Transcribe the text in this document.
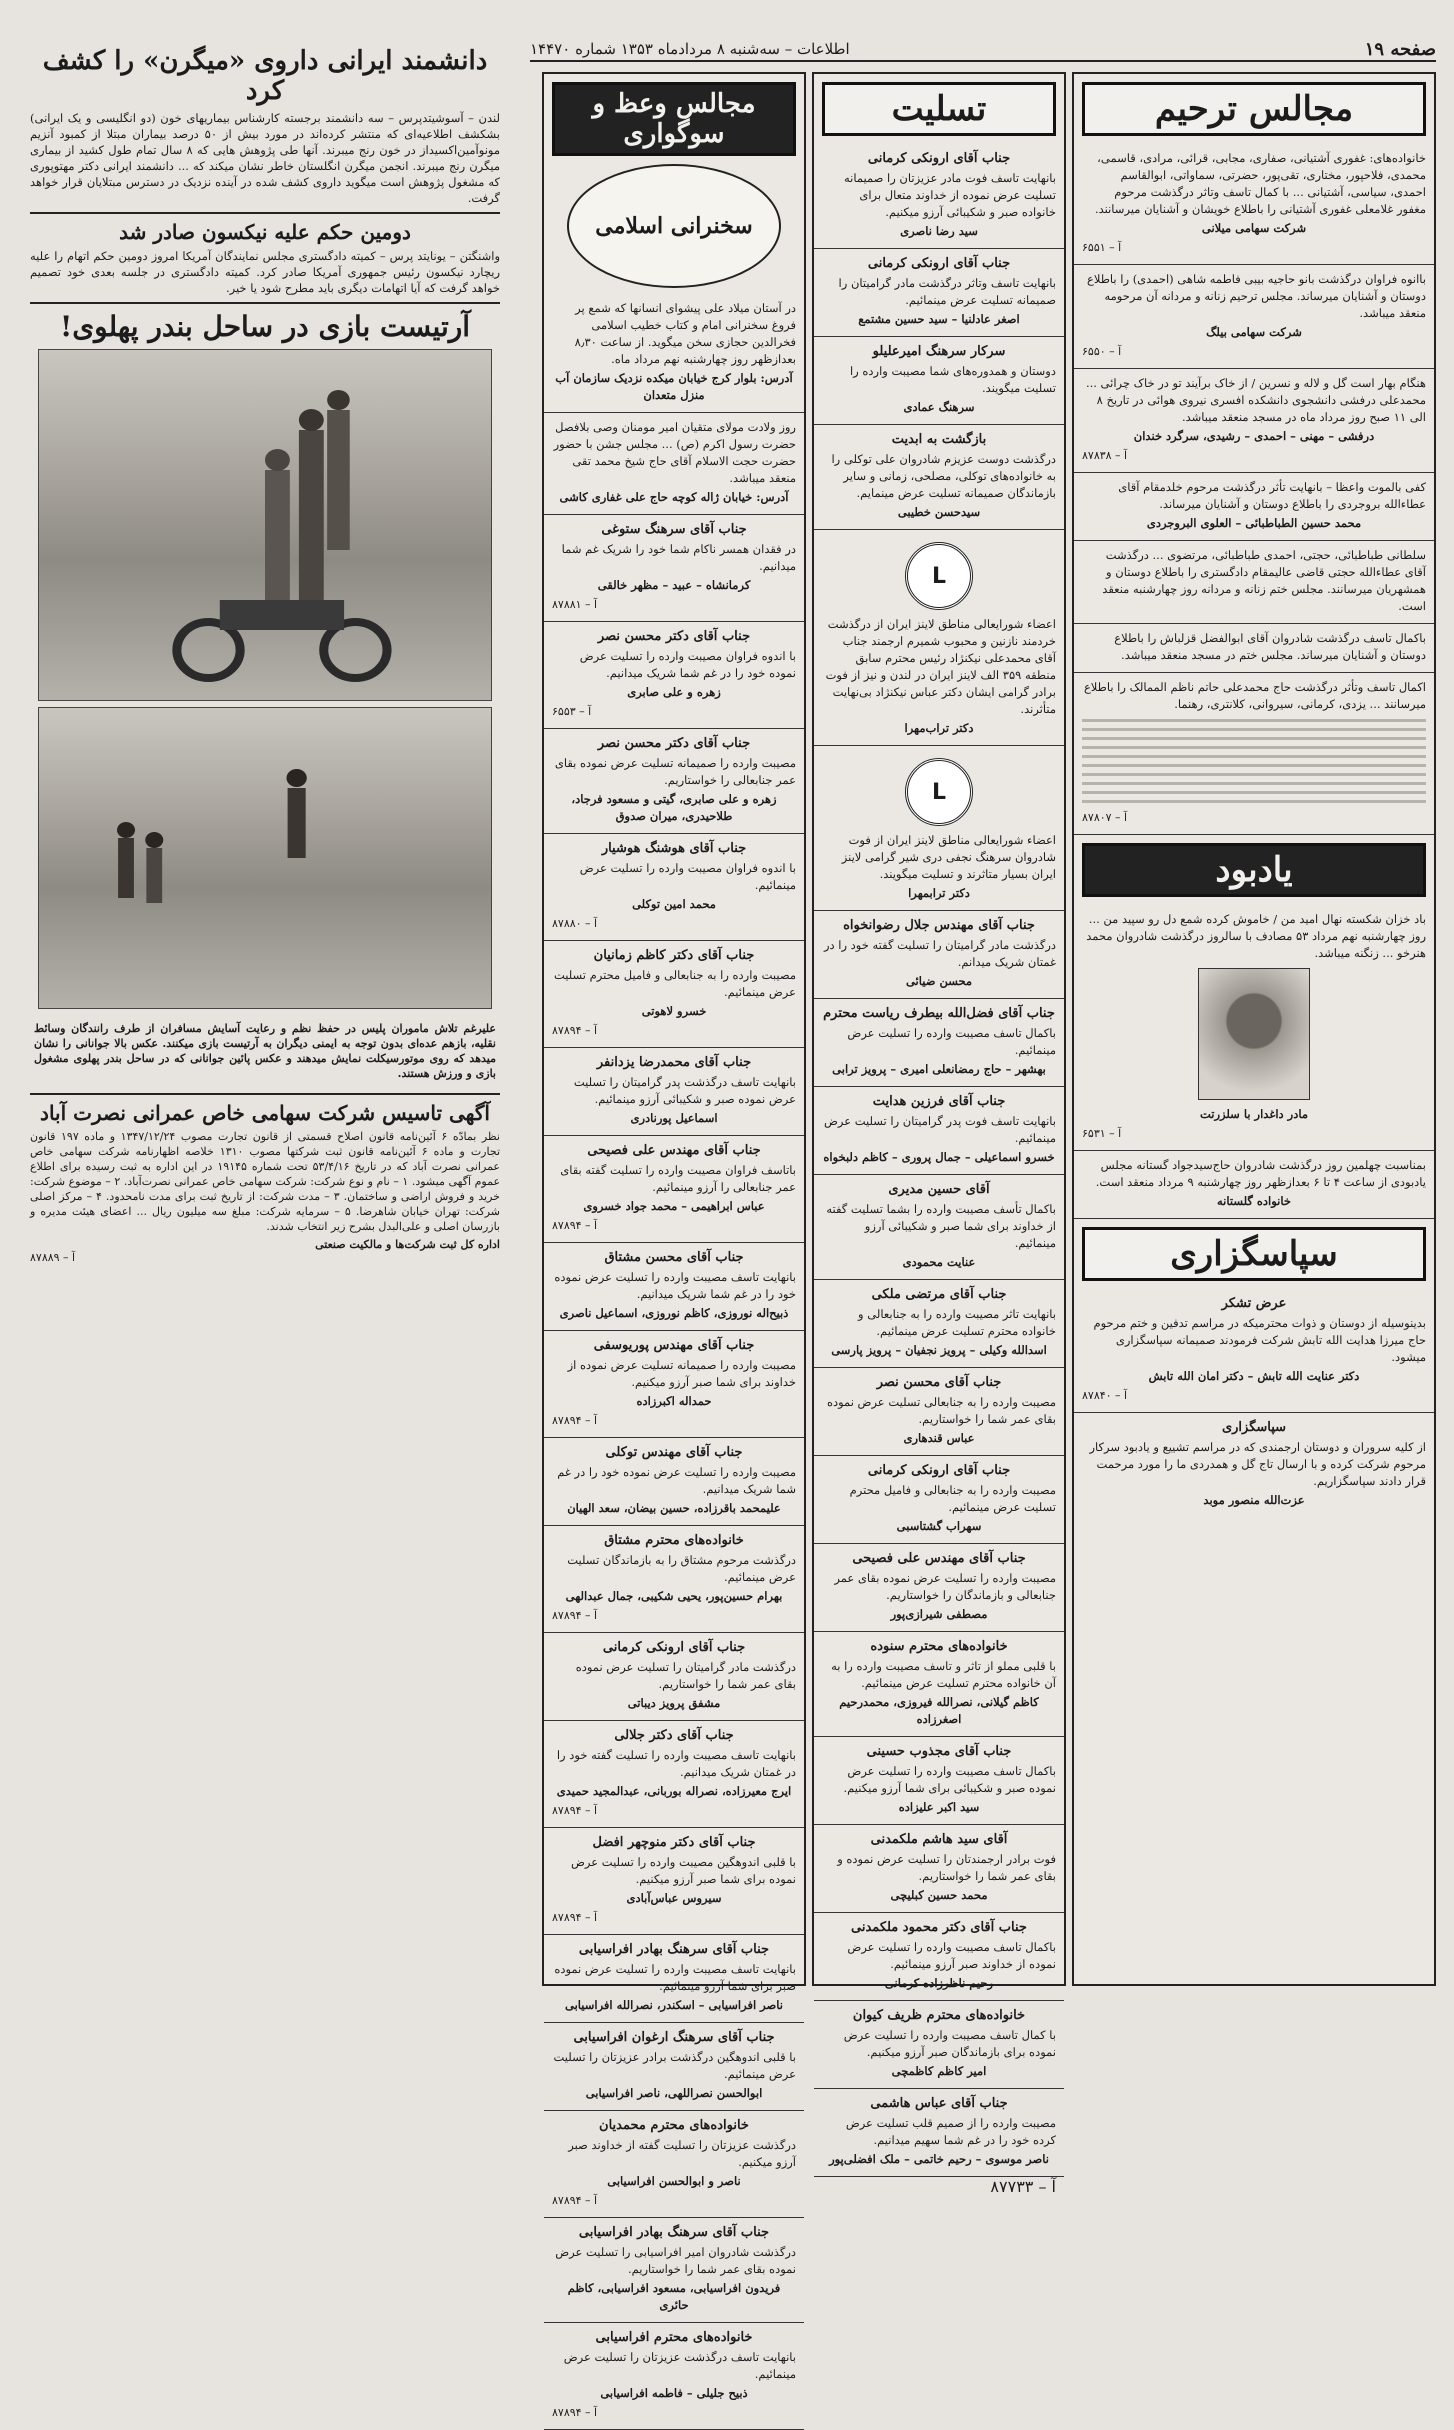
صفحه ۱۹
اطلاعات – سه‌شنبه ۸ مرداد‌ماه ۱۳۵۳ شماره ۱۴۴۷۰
مجالس ترحیم
خانواده‌های: غفوری آشتیانی، صفاری، مجابی، قرائی، مرادی، قاسمی، محمدی، فلاحپور، مختاری، تقی‌پور، حضرتی، سماواتی، ابوالقاسم احمدی، سیاسی، آشتیانی ... با کمال تاسف وتاثر درگذشت مرحوم مغفور غلامعلی غفوری آشتیانی را باطلاع خویشان و آشنایان میرسانند.
شرکت سهامی میلانی
آ – ۶۵۵۱
باانوه فراوان درگذشت بانو حاجیه بیبی فاطمه شاهی (احمدی) را باطلاع دوستان و آشنایان میرساند. مجلس ترحیم زنانه و مردانه آن مرحومه منعقد میباشد.
شرکت سهامی بیلگ
آ – ۶۵۵۰
هنگام بهار است گل و لاله و نسرین / از خاک برآیند تو در خاک چرائی ... محمدعلی درفشی دانشجوی دانشکده افسری نیروی هوائی در تاریخ ۸ الی ۱۱ صبح روز مرداد ماه در مسجد منعقد میباشد.
درفشی – مهنی – احمدی – رشیدی، سرگرد خندان
آ – ۸۷۸۳۸
کفی بالموت واعظا – بانهایت تأثر درگذشت مرحوم خلدمقام آقای عطاءالله بروجردی را باطلاع دوستان و آشنایان میرساند.
محمد حسین الطباطبائی – العلوی البروجردی
سلطانی طباطبائی، حجتی، احمدی طباطبائی، مرتضوی ... درگذشت آقای عطاءالله حجتی قاضی عالیمقام دادگستری را باطلاع دوستان و همشهریان میرسانند. مجلس ختم زنانه و مردانه روز چهارشنبه منعقد است.
باکمال تاسف درگذشت شادروان آقای ابوالفضل قزلباش را باطلاع دوستان و آشنایان میرساند. مجلس ختم در مسجد منعقد میباشد.
اکمال تاسف وتأثر درگذشت حاج محمدعلی حاتم ناظم الممالک را باطلاع میرسانند ... یزدی، کرمانی، سیروانی، کلانتری، رهنما.
آ – ۸۷۸۰۷
یادبود
باد خزان شکسته نهال امید من / خاموش کرده شمع دل رو سپید من ... روز چهارشنبه نهم مرداد ۵۳ مصادف با سالروز درگذشت شادروان محمد هنرخو ... زنگنه میباشد.
مادر داغدار با سلزرتت
آ – ۶۵۳۱
بمناسبت چهلمین روز درگذشت شادروان حاج‌سیدجواد گستانه مجلس یادبودی از ساعت ۴ تا ۶ بعدازظهر روز چهارشنبه ۹ مرداد منعقد است.
خانواده گلستانه
سپاسگزاری
عرض تشکر
بدینوسیله از دوستان و ذوات محترمیکه در مراسم تدفین و ختم مرحوم حاج میرزا هدایت الله تابش شرکت فرمودند صمیمانه سپاسگزاری میشود.
دکتر عنایت الله تابش – دکتر امان الله تابش
آ – ۸۷۸۴۰
سپاسگزاری
از کلیه سروران و دوستان ارجمندی که در مراسم تشییع و یادبود سرکار مرحوم شرکت کرده و با ارسال تاج گل و همدردی ما را مورد مرحمت قرار دادند سپاسگزاریم.
عزت‌الله منصور موبد
تسلیت
جناب آقای ارونکی کرمانی
بانهایت تاسف فوت مادر عزیزتان را صمیمانه تسلیت عرض نموده از خداوند متعال برای خانواده صبر و شکیبائی آرزو میکنیم.
سید رضا ناصری
جناب آقای ارونکی کرمانی
بانهایت تاسف وتاثر درگذشت مادر گرامیتان را صمیمانه تسلیت عرض مینمائیم.
اصغر عادلنیا – سید حسین مشتمع
سرکار سرهنگ امیرعلیلو
دوستان و همدوره‌های شما مصیبت وارده را تسلیت میگویند.
سرهنگ عمادی
بازگشت به ابدیت
درگذشت دوست عزیزم شادروان علی توکلی را به خانواده‌های توکلی، مصلحی، زمانی و سایر بازماندگان صمیمانه تسلیت عرض مینمایم.
سیدحسن خطیبی
L
اعضاء شورایعالی مناطق لاینز ایران از درگذشت خردمند نازنین و محبوب شمیرم ارجمند جناب آقای محمدعلی نیکنژاد رئیس محترم سابق منطقه ۳۵۹ الف لاینز ایران در لندن و نیز از فوت برادر گرامی ایشان دکتر عباس نیکنژاد بی‌نهایت متأثرند.
دکتر تراب‌مهرا
L
اعضاء شورایعالی مناطق لاینز ایران از فوت شادروان سرهنگ نجفی دری شیر گرامی لاینز ایران بسیار متاثرند و تسلیت میگویند.
دکتر ترابمهرا
جناب آقای مهندس جلال رضوانخواه
درگذشت مادر گرامیتان را تسلیت گفته خود را در غمتان شریک میدانم.
محسن ضیائی
جناب آقای فضل‌الله بیطرف ریاست محترم
باکمال تاسف مصیبت وارده را تسلیت عرض مینمائیم.
بهشهر – حاج رمضانعلی امیری – پرویز ترابی
جناب آقای فرزین هدایت
بانهایت تاسف فوت پدر گرامیتان را تسلیت عرض مینمائیم.
خسرو اسماعیلی – جمال پروری – کاظم دلبخواه
آقای حسین مدیری
باکمال تأسف مصیبت وارده را بشما تسلیت گفته از خداوند برای شما صبر و شکیبائی آرزو مینمائیم.
عنایت محمودی
جناب آقای مرتضی ملکی
بانهایت تاثر مصیبت وارده را به جنابعالی و خانواده محترم تسلیت عرض مینمائیم.
اسدالله وکیلی – پرویز نجفیان – پرویز پارسی
جناب آقای محسن نصر
مصیبت وارده را به جنابعالی تسلیت عرض نموده بقای عمر شما را خواستاریم.
عباس قندهاری
جناب آقای ارونکی کرمانی
مصیبت وارده را به جنابعالی و فامیل محترم تسلیت عرض مینمائیم.
سهراب گشتاسبی
جناب آقای مهندس علی فصیحی
مصیبت وارده را تسلیت عرض نموده بقای عمر جنابعالی و بازماندگان را خواستاریم.
مصطفی شیرازی‌پور
خانواده‌های محترم سنوده
با قلبی مملو از تاثر و تاسف مصیبت وارده را به آن خانواده محترم تسلیت عرض مینمائیم.
کاظم گیلانی، نصرالله فیروزی، محمدرحیم اصغرزاده
جناب آقای مجذوب حسینی
باکمال تاسف مصیبت وارده را تسلیت عرض نموده صبر و شکیبائی برای شما آرزو میکنیم.
سید اکبر علیزاده
آقای سید هاشم ملکمدنی
فوت برادر ارجمندتان را تسلیت عرض نموده و بقای عمر شما را خواستاریم.
محمد حسین کبلیچی
جناب آقای دکتر محمود ملکمدنی
باکمال تاسف مصیبت وارده را تسلیت عرض نموده از خداوند صبر آرزو مینمائیم.
رحیم ناظرزاده کرمانی
خانواده‌های محترم ظریف کیو‌ان
با کمال تاسف مصیبت وارده را تسلیت عرض نموده برای بازماندگان صبر آرزو میکنیم.
امیر کاظم کاظمچی
جناب آقای عباس هاشمی
مصیبت وارده را از صمیم قلب تسلیت عرض کرده خود را در غم شما سهیم میدانیم.
ناصر موسوی – رحیم خاتمی – ملک افضلی‌پور
آ – ۸۷۷۳۳
مجالس وعظ و سوگواری
سخنرانی اسلامی
در آستان میلاد علی پیشوای انسانها که شمع پر فروغ سخنرانی امام و کتاب خطیب اسلامی فخرالدین حجازی سخن میگوید. از ساعت ۸٫۳۰ بعدازظهر روز چهارشنبه نهم مرداد ماه.
آدرس: بلوار کرج خیابان میکده نزدیک سازمان آب منزل متعدان
روز ولادت مولای متقیان امیر مومنان وصی بلافصل حضرت رسول اکرم (ص) ... مجلس جشن با حضور حضرت حجت الاسلام آقای حاج شیخ محمد تقی منعقد میباشد.
آدرس: خیابان ژاله کوچه حاج علی غفاری کاشی
جناب آقای سرهنگ ستوغی
در فقدان همسر ناکام شما خود را شریک غم شما میدانیم.
کرمانشاه – عبید – مظهر خالقی
آ – ۸۷۸۸۱
جناب آقای دکتر محسن نصر
با اندوه فراوان مصیبت وارده را تسلیت عرض نموده خود را در غم شما شریک میدانیم.
زهره و علی صابری
آ – ۶۵۵۳
جناب آقای دکتر محسن نصر
مصیبت وارده را صمیمانه تسلیت عرض نموده بقای عمر جنابعالی را خواستاریم.
زهره و علی صابری، گیتی و مسعود فرجاد، طلاحیدری، میران صدوق
جناب آقای هوشنگ هوشیار
با اندوه فراوان مصیبت وارده را تسلیت عرض مینمائیم.
محمد امین توکلی
آ – ۸۷۸۸۰
جناب آقای دکتر کاظم زمانیان
مصیبت وارده را به جنابعالی و فامیل محترم تسلیت عرض مینمائیم.
خسرو لاهوتی
آ – ۸۷۸۹۴
جناب آقای محمدرضا یزدانفر
بانهایت تاسف درگذشت پدر گرامیتان را تسلیت عرض نموده صبر و شکیبائی آرزو مینمائیم.
اسماعیل پورنادری
جناب آقای مهندس علی فصیحی
باتاسف فراوان مصیبت وارده را تسلیت گفته بقای عمر جنابعالی را آرزو مینمائیم.
عباس ابراهیمی – محمد جواد خسروی
آ – ۸۷۸۹۴
جناب آقای محسن مشتاق
بانهایت تاسف مصیبت وارده را تسلیت عرض نموده خود را در غم شما شریک میدانیم.
ذبیح‌اله نوروزی، کاظم نوروزی، اسماعیل ناصری
جناب آقای مهندس پوریوسفی
مصیبت وارده را صمیمانه تسلیت عرض نموده از خداوند برای شما صبر آرزو میکنیم.
حمداله اکبرزاده
آ – ۸۷۸۹۴
جناب آقای مهندس توکلی
مصیبت وارده را تسلیت عرض نموده خود را در غم شما شریک میدانیم.
علیمحمد باقرزاده، حسین بیضان، سعد الهیان
خانواده‌های محترم مشتاق
درگذشت مرحوم مشتاق را به بازماندگان تسلیت عرض مینمائیم.
بهرام حسین‌پور، یحیی شکیبی، جمال عبدالهی
آ – ۸۷۸۹۴
جناب آقای ارونکی کرمانی
درگذشت مادر گرامیتان را تسلیت عرض نموده بقای عمر شما را خواستاریم.
مشفق پرویز دیباتی
جناب آقای دکتر جلالی
بانهایت تاسف مصیبت وارده را تسلیت گفته خود را در غمتان شریک میدانیم.
ایرج معیرزاده، نصراله بوربانی، عبدالمجید حمیدی
آ – ۸۷۸۹۴
جناب آقای دکتر منوچهر افضل
با قلبی اندوهگین مصیبت وارده را تسلیت عرض نموده برای شما صبر آرزو میکنیم.
سیروس عباس‌آبادی
آ – ۸۷۸۹۴
جناب آقای سرهنگ بهادر افراسیابی
بانهایت تاسف مصیبت وارده را تسلیت عرض نموده صبر برای شما آرزو مینمائیم.
ناصر افراسیابی – اسکندر، نصرالله افراسیابی
جناب آقای سرهنگ ارغوان افراسیابی
با قلبی اندوهگین درگذشت برادر عزیزتان را تسلیت عرض مینمائیم.
ابوالحسن نصراللهی، ناصر افراسیابی
خانواده‌های محترم محمدیان
درگذشت عزیزتان را تسلیت گفته از خداوند صبر آرزو میکنیم.
ناصر و ابوالحسن افراسیابی
آ – ۸۷۸۹۴
جناب آقای سرهنگ بهادر افراسیابی
درگذشت شادروان امیر افراسیابی را تسلیت عرض نموده بقای عمر شما را خواستاریم.
فریدون افراسیابی، مسعود افراسیابی، کاظم حائری
خانواده‌های محترم افراسیابی
بانهایت تاسف درگذشت عزیزتان را تسلیت عرض مینمائیم.
ذبیح جلیلی – فاطمه افراسیابی
آ – ۸۷۸۹۴
دانشمند ایرانی داروی «میگرن» را کشف کرد
لندن – آسوشیتدپرس – سه دانشمند برجسته کارشناس بیماریهای خون (دو انگلیسی و یک ایرانی) بشکشف اطلاعیه‌ای که منتشر کرده‌اند در مورد بیش از ۵۰ درصد بیماران مبتلا از کمبود آنزیم مونوآمین‌اکسیداز در خون رنج میبرند. آنها طی پژوهش هایی که ۸ سال تمام طول کشید از بیماری میگرن رنج میبرند. انجمن میگرن انگلستان خاطر نشان میکند که ... دانشمند ایرانی دکتر مهتوپوری که مشغول پژوهش است میگوید داروی کشف شده در آینده نزدیک در دسترس مبتلایان قرار خواهد گرفت.
دومین حکم علیه نیکسون صادر شد
واشنگتن – یونایتد پرس – کمیته دادگستری مجلس نمایندگان آمریکا امروز دومین حکم اتهام را علیه ریچارد نیکسون رئیس جمهوری آمریکا صادر کرد. کمیته دادگستری در جلسه بعدی خود تصمیم خواهد گرفت که آیا اتهامات دیگری باید مطرح شود یا خیر.
آرتیست بازی در ساحل بندر پهلوی!
علیرغم تلاش ماموران پلیس در حفظ نظم و رعایت آسایش مسافران از طرف رانندگان وسائط نقلیه، بازهم عده‌ای بدون توجه به ایمنی دیگران به آرتیست بازی میکنند. عکس بالا جوانانی را نشان میدهد که روی موتورسیکلت نمایش میدهند و عکس پائین جوانانی که در ساحل بندر پهلوی مشغول بازی و ورزش هستند.
آگهی تاسیس شرکت سهامی خاص عمرانی نصرت آباد
نظر بمادّه ۶ آئین‌نامه قانون اصلاح قسمتی از قانون تجارت مصوب ۱۳۴۷/۱۲/۲۴ و ماده ۱۹۷ قانون تجارت و ماده ۶ آئین‌نامه قانون ثبت شرکتها مصوب ۱۳۱۰ خلاصه اظهارنامه شرکت سهامی خاص عمرانی نصرت آباد که در تاریخ ۵۳/۴/۱۶ تحت شماره ۱۹۱۴۵ در این اداره به ثبت رسیده برای اطلاع عموم آگهی میشود. ۱ – نام و نوع شرکت: شرکت سهامی خاص عمرانی نصرت‌آباد. ۲ – موضوع شرکت: خرید و فروش اراضی و ساختمان. ۳ – مدت شرکت: از تاریخ ثبت برای مدت نامحدود. ۴ – مرکز اصلی شرکت: تهران خیابان شاهرضا. ۵ – سرمایه شرکت: مبلغ سه میلیون ریال ... اعضای هیئت مدیره و بازرسان اصلی و علی‌البدل بشرح زیر انتخاب شدند.
اداره کل ثبت شرکت‌ها و مالکیت صنعتی
آ – ۸۷۸۸۹
